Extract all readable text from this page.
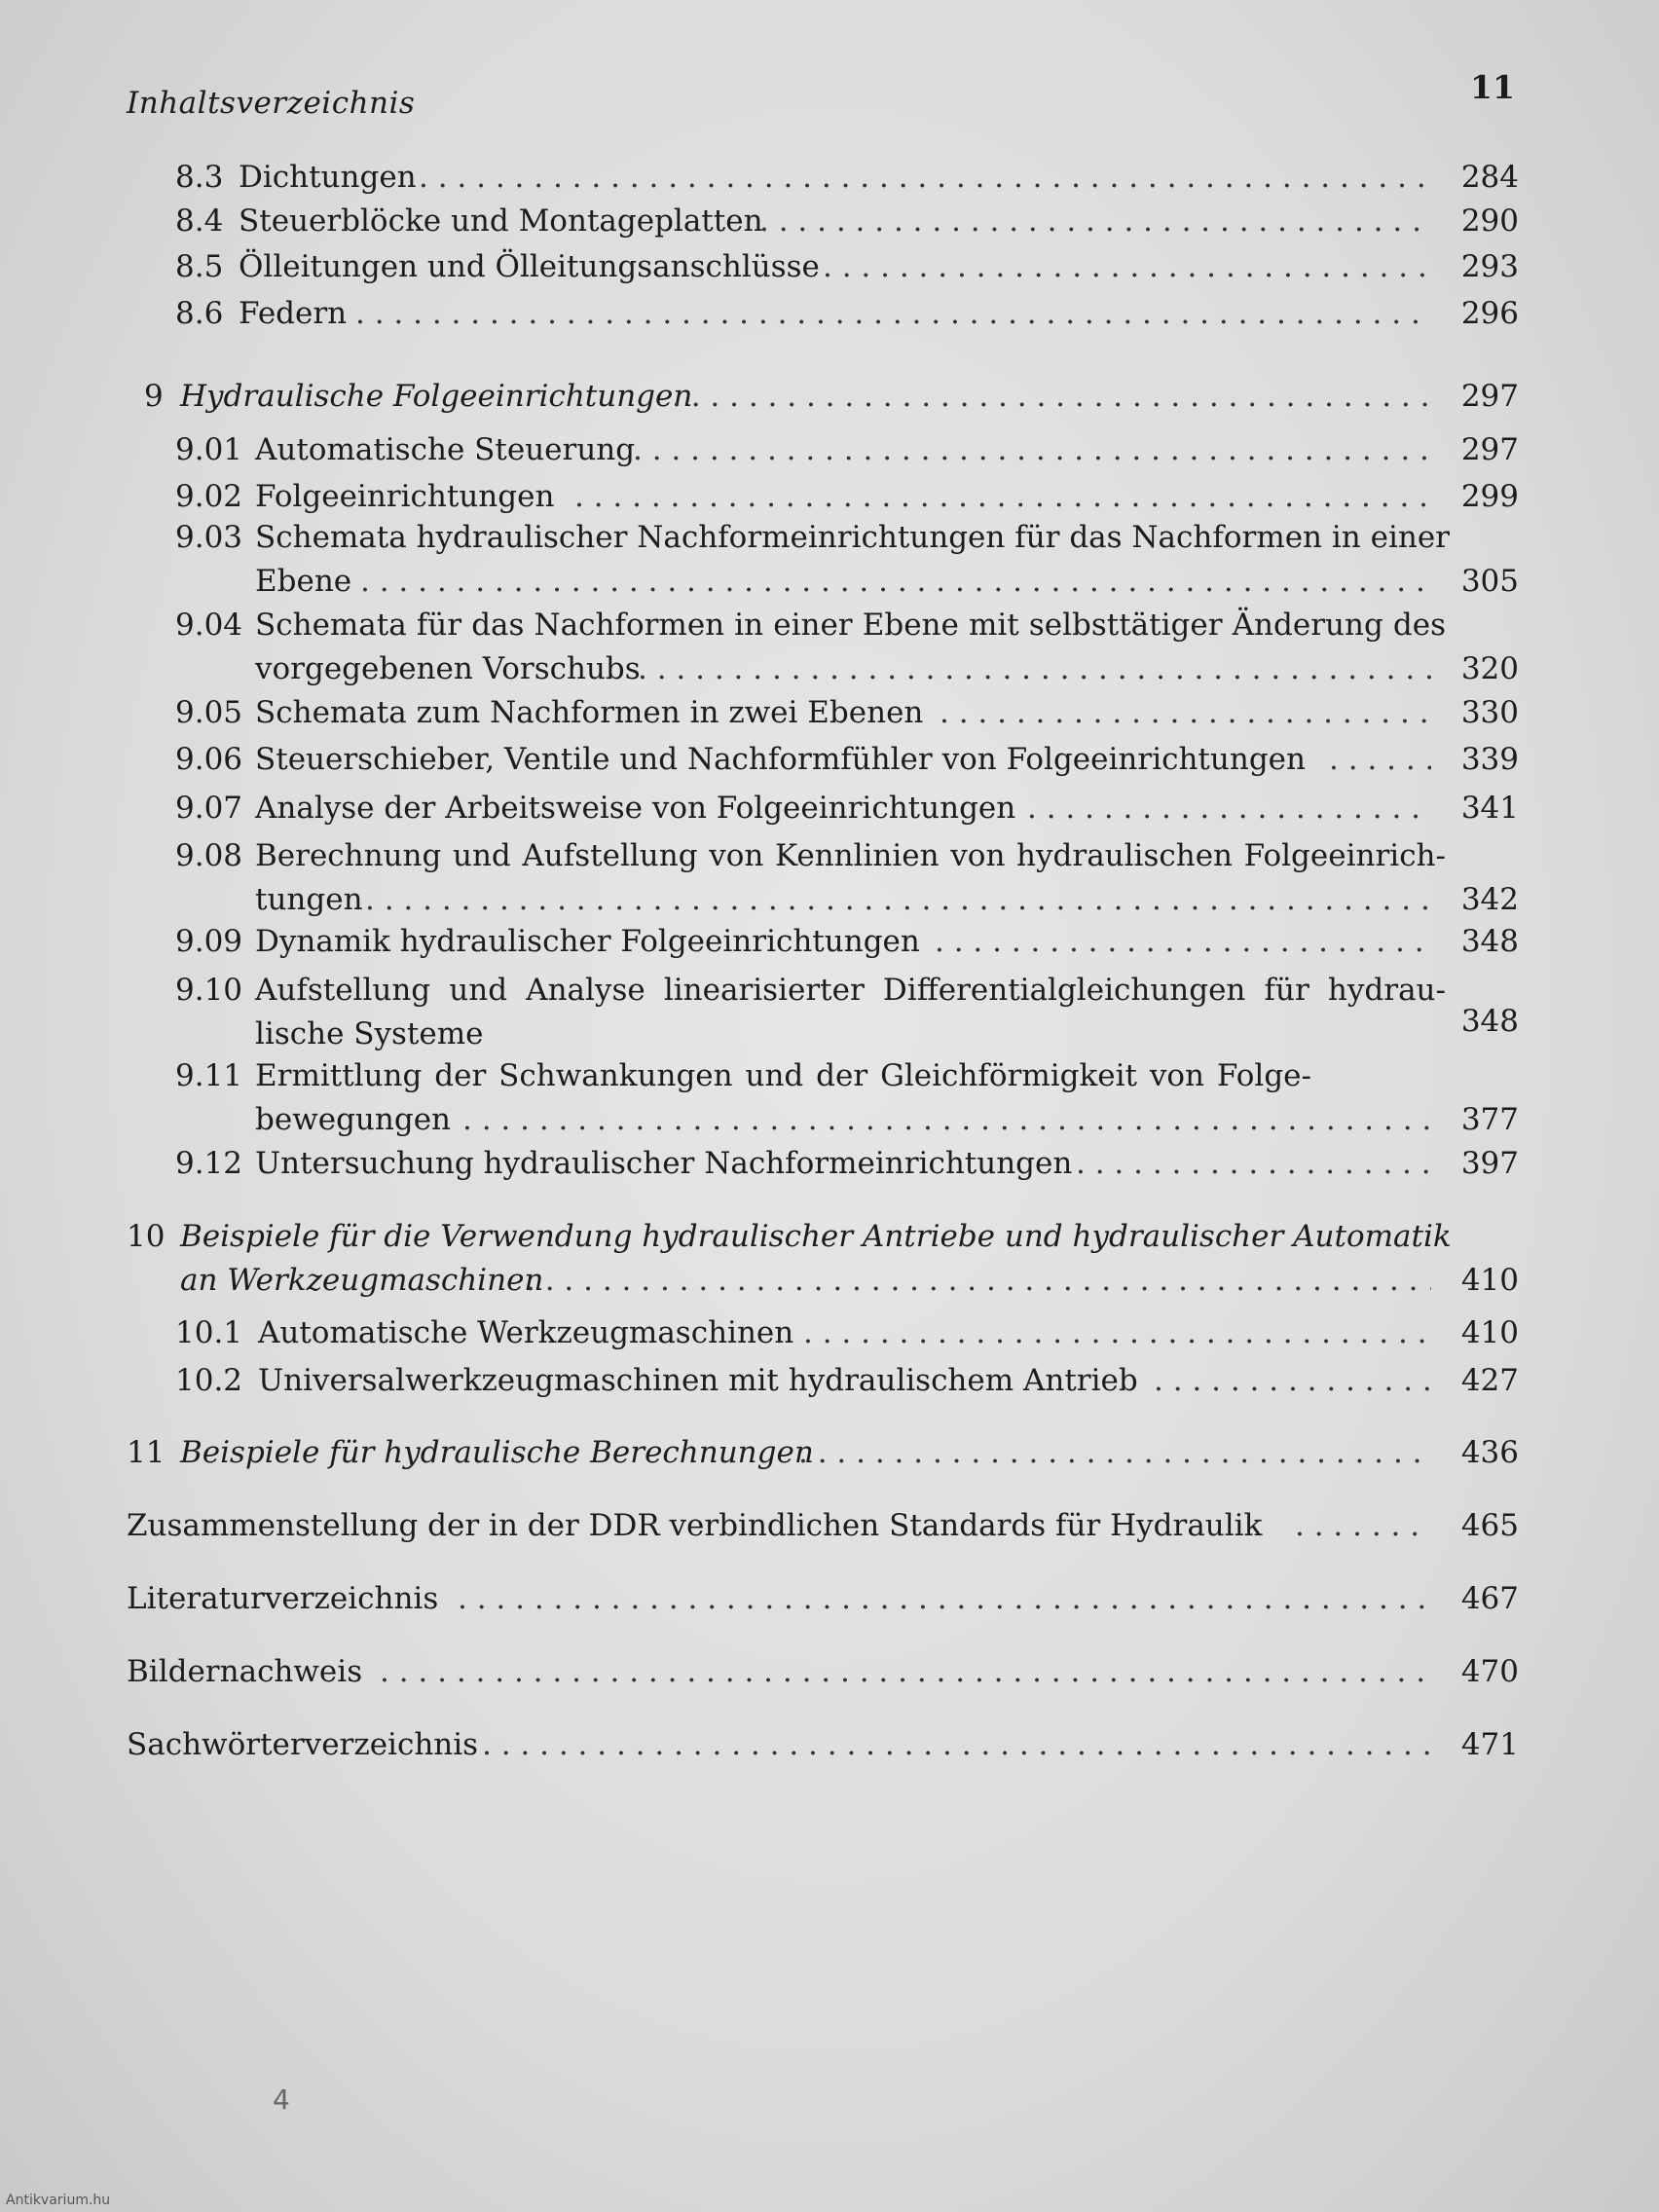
Inhaltsverzeichnis	11
8.3 Dichtungen . . .	284
8.4 Steuerblöcke und Montageplatten . . .	290
8.5 Ölleitungen und Ölleitungsanschlüsse . . .	293
8.6 Federn . . .	296
9 Hydraulische Folgeeinrichtungen . . .	297
9.01 Automatische Steuerung . . .	297
9.02 Folgeeinrichtungen . . .	299
9.03 Schemata hydraulischer Nachformeinrichtungen für das Nachformen in einer
Ebene . . .	305
9.04 Schemata für das Nachformen in einer Ebene mit selbsttätiger Änderung des
vorgegebenen Vorschubs . . .	320
9.05 Schemata zum Nachformen in zwei Ebenen . . .	330
9.06 Steuerschieber, Ventile und Nachformfühler von Folgeeinrichtungen . . .	339
9.07 Analyse der Arbeitsweise von Folgeeinrichtungen . . .	341
9.08 Berechnung und Aufstellung von Kennlinien von hydraulischen Folgeeinrich-
tungen . . .	342
9.09 Dynamik hydraulischer Folgeeinrichtungen . . .	348
9.10 Aufstellung und Analyse linearisierter Differentialgleichungen für hydrau-
lische Systeme	348
9.11 Ermittlung der Schwankungen und der Gleichförmigkeit von Folge-
bewegungen . . .	377
9.12 Untersuchung hydraulischer Nachformeinrichtungen . . .	397
10 Beispiele für die Verwendung hydraulischer Antriebe und hydraulischer Automatik
an Werkzeugmaschinen . . .	410
10.1 Automatische Werkzeugmaschinen . . .	410
10.2 Universalwerkzeugmaschinen mit hydraulischem Antrieb . . .	427
11 Beispiele für hydraulische Berechnungen . . .	436
Zusammenstellung der in der DDR verbindlichen Standards für Hydraulik . . .	465
Literaturverzeichnis . . .	467
Bildernachweis . . .	470
Sachwörterverzeichnis . . .	471
4
Antikvarium.hu
